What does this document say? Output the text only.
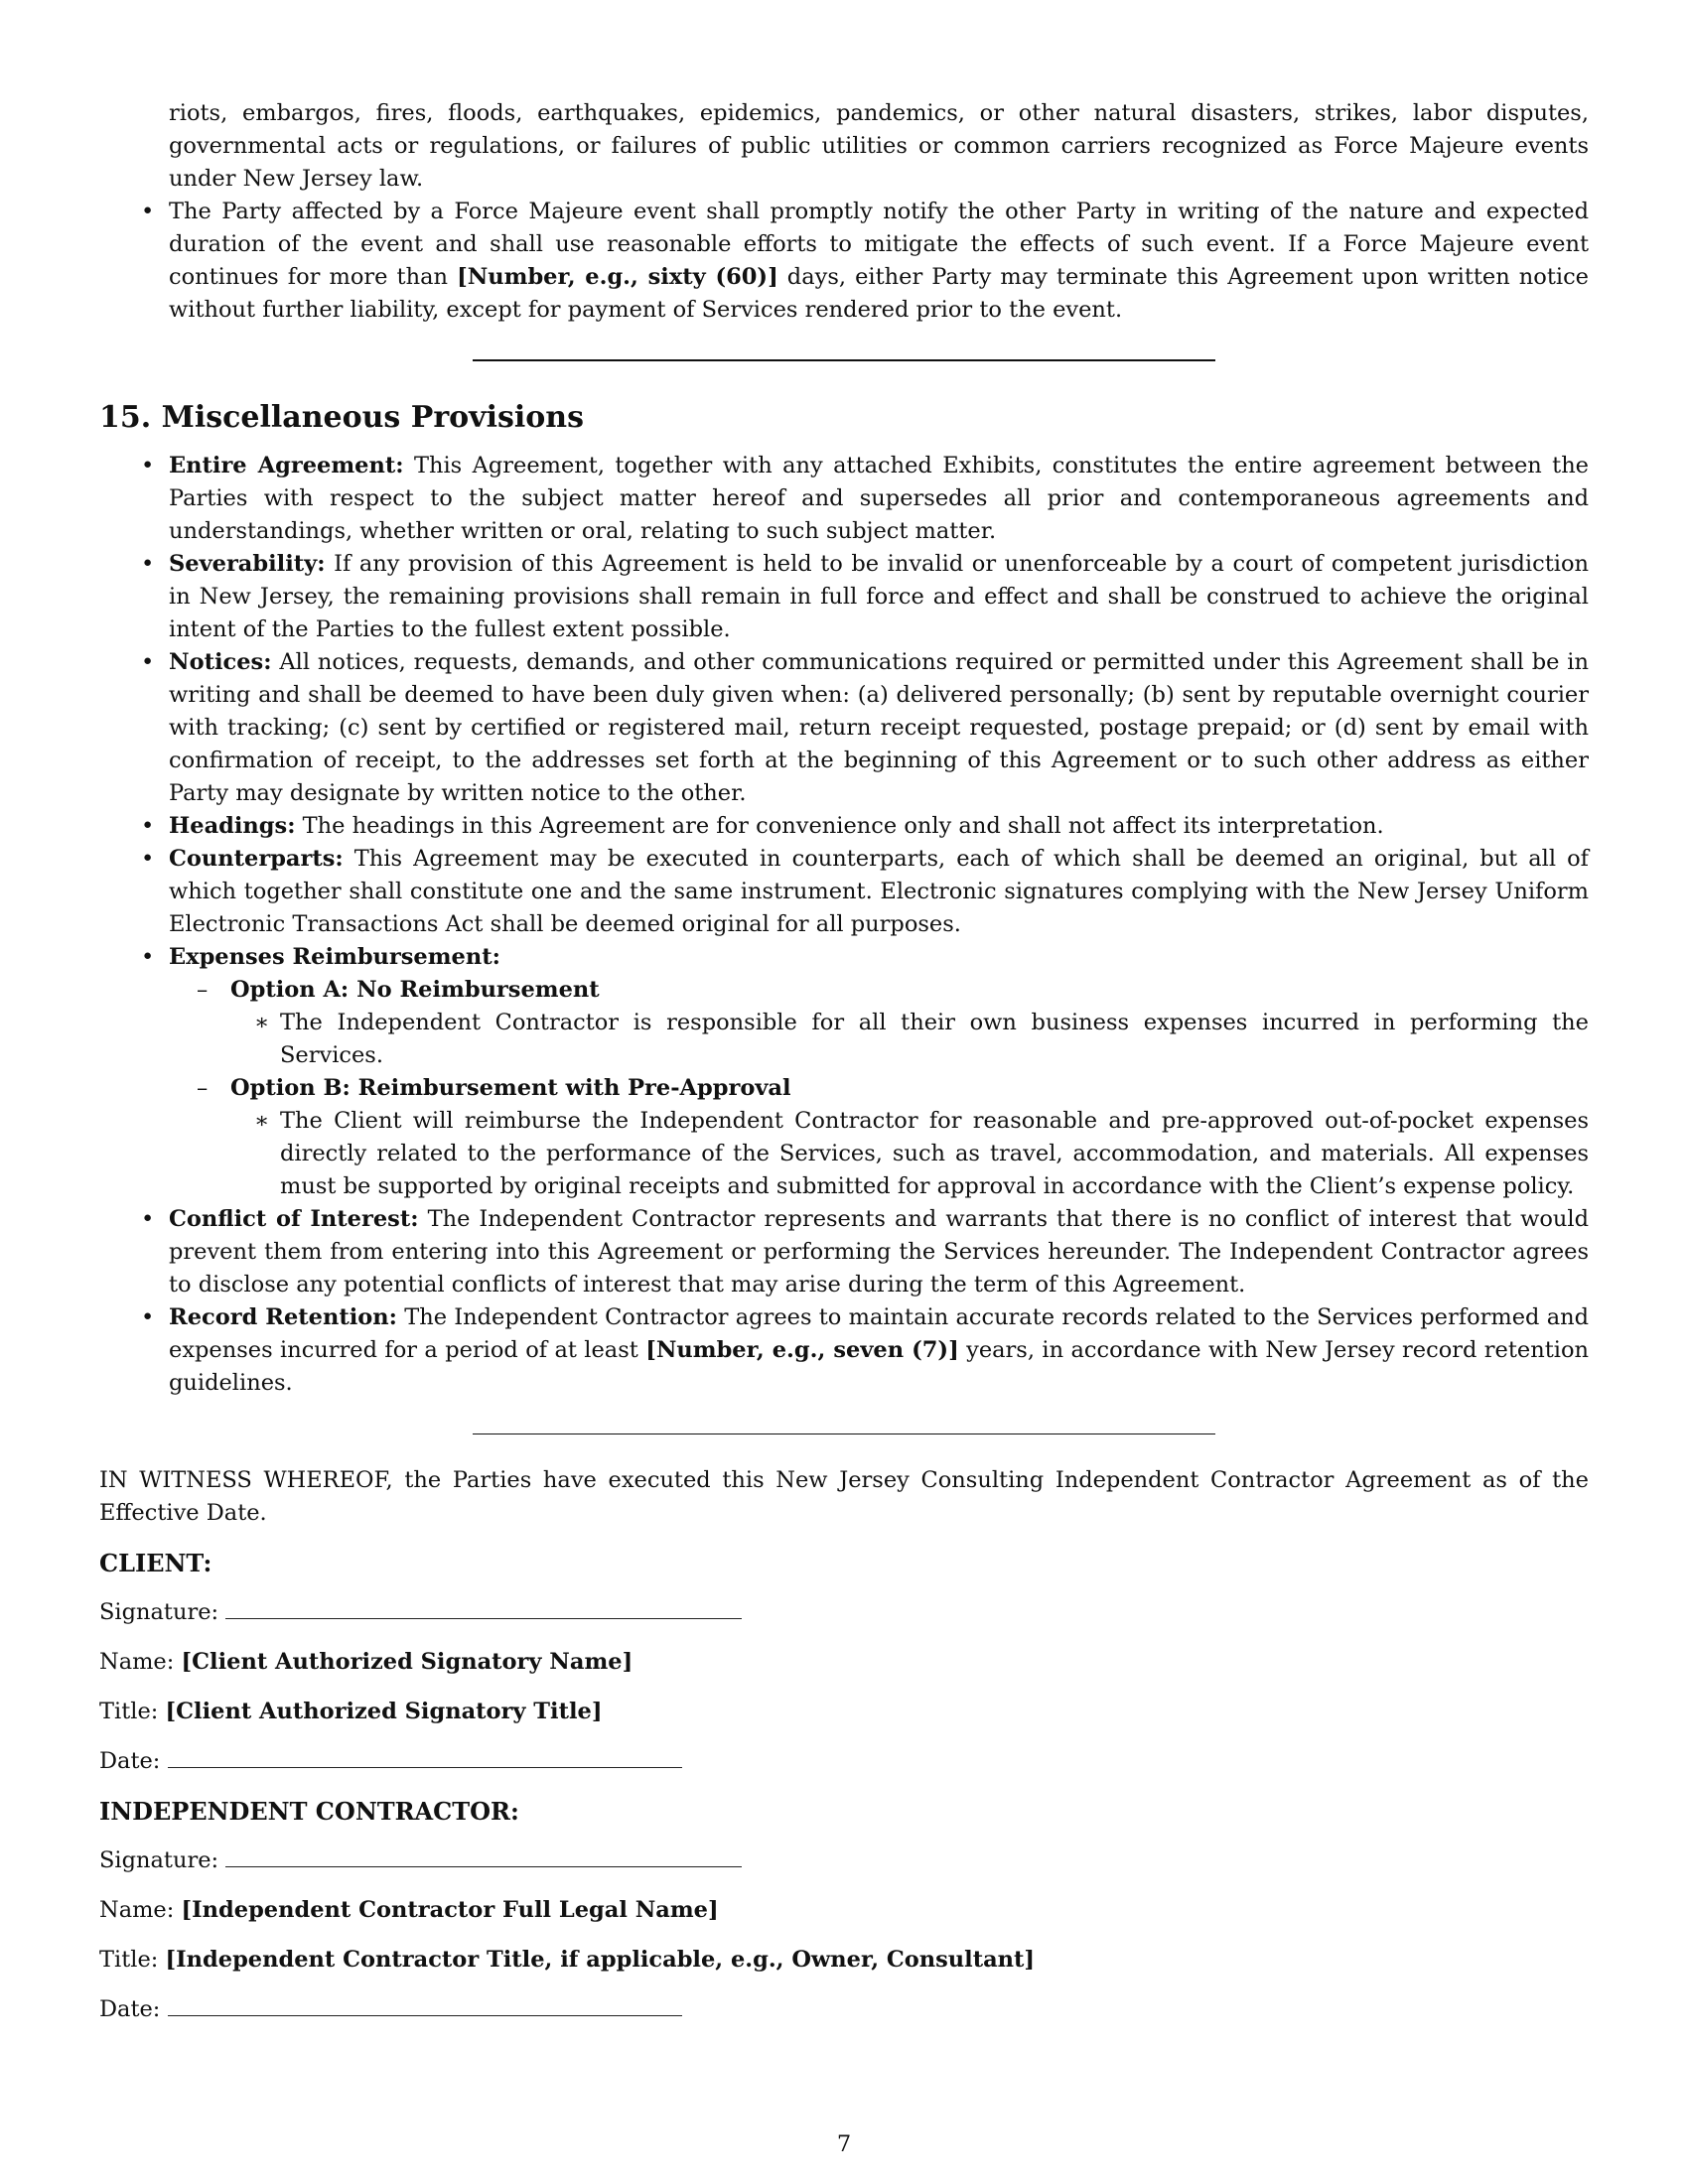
riots, embargos, fires, floods, earthquakes, epidemics, pandemics, or other natural disasters, strikes, labor disputes, governmental acts or regulations, or failures of public utilities or common carriers recognized as Force Majeure events under New Jersey law.
• The Party affected by a Force Majeure event shall promptly notify the other Party in writing of the nature and expected duration of the event and shall use reasonable efforts to mitigate the effects of such event. If a Force Majeure event continues for more than [Number, e.g., sixty (60)] days, either Party may terminate this Agreement upon written notice without further liability, except for payment of Services rendered prior to the event.
15. Miscellaneous Provisions
• Entire Agreement: This Agreement, together with any attached Exhibits, constitutes the entire agreement between the Parties with respect to the subject matter hereof and supersedes all prior and contemporaneous agreements and understandings, whether written or oral, relating to such subject matter.
• Severability: If any provision of this Agreement is held to be invalid or unenforceable by a court of competent jurisdiction in New Jersey, the remaining provisions shall remain in full force and effect and shall be construed to achieve the original intent of the Parties to the fullest extent possible.
• Notices: All notices, requests, demands, and other communications required or permitted under this Agreement shall be in writing and shall be deemed to have been duly given when: (a) delivered personally; (b) sent by reputable overnight courier with tracking; (c) sent by certified or registered mail, return receipt requested, postage prepaid; or (d) sent by email with confirmation of receipt, to the addresses set forth at the beginning of this Agreement or to such other address as either Party may designate by written notice to the other.
• Headings: The headings in this Agreement are for convenience only and shall not affect its interpretation.
• Counterparts: This Agreement may be executed in counterparts, each of which shall be deemed an original, but all of which together shall constitute one and the same instrument. Electronic signatures complying with the New Jersey Uniform Electronic Transactions Act shall be deemed original for all purposes.
• Expenses Reimbursement:
– Option A: No Reimbursement
∗ The Independent Contractor is responsible for all their own business expenses incurred in performing the Services.
– Option B: Reimbursement with Pre-Approval
∗ The Client will reimburse the Independent Contractor for reasonable and pre-approved out-of-pocket expenses directly related to the performance of the Services, such as travel, accommodation, and materials. All expenses must be supported by original receipts and submitted for approval in accordance with the Client’s expense policy.
• Conflict of Interest: The Independent Contractor represents and warrants that there is no conflict of interest that would prevent them from entering into this Agreement or performing the Services hereunder. The Independent Contractor agrees to disclose any potential conflicts of interest that may arise during the term of this Agreement.
• Record Retention: The Independent Contractor agrees to maintain accurate records related to the Services performed and expenses incurred for a period of at least [Number, e.g., seven (7)] years, in accordance with New Jersey record retention guidelines.

IN WITNESS WHEREOF, the Parties have executed this New Jersey Consulting Independent Contractor Agreement as of the Effective Date.

CLIENT:
Signature:
Name: [Client Authorized Signatory Name]
Title: [Client Authorized Signatory Title]
Date:
INDEPENDENT CONTRACTOR:
Signature:
Name: [Independent Contractor Full Legal Name]
Title: [Independent Contractor Title, if applicable, e.g., Owner, Consultant]
Date:
7
